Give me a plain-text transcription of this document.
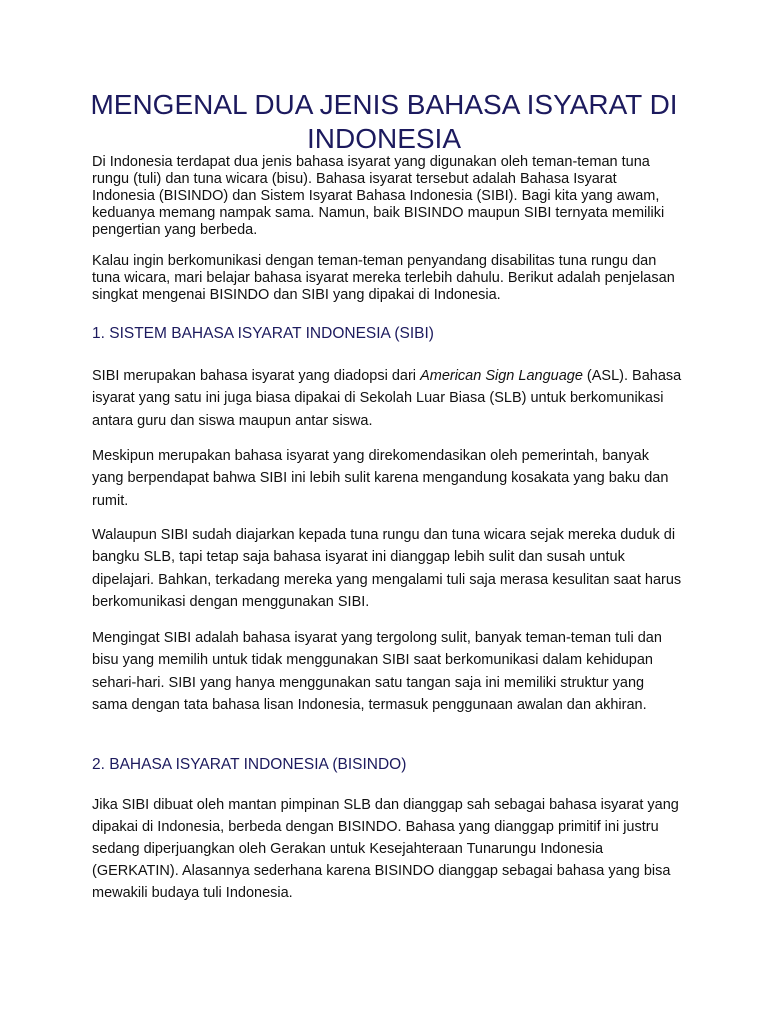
MENGENAL DUA JENIS BAHASA ISYARAT DI INDONESIA

Di Indonesia terdapat dua jenis bahasa isyarat yang digunakan oleh teman-teman tuna rungu (tuli) dan tuna wicara (bisu). Bahasa isyarat tersebut adalah Bahasa Isyarat Indonesia (BISINDO) dan Sistem Isyarat Bahasa Indonesia (SIBI). Bagi kita yang awam, keduanya memang nampak sama. Namun, baik BISINDO maupun SIBI ternyata memiliki pengertian yang berbeda.

Kalau ingin berkomunikasi dengan teman-teman penyandang disabilitas tuna rungu dan tuna wicara, mari belajar bahasa isyarat mereka terlebih dahulu. Berikut adalah penjelasan singkat mengenai BISINDO dan SIBI yang dipakai di Indonesia.

1. SISTEM BAHASA ISYARAT INDONESIA (SIBI)

SIBI merupakan bahasa isyarat yang diadopsi dari American Sign Language (ASL). Bahasa isyarat yang satu ini juga biasa dipakai di Sekolah Luar Biasa (SLB) untuk berkomunikasi antara guru dan siswa maupun antar siswa.

Meskipun merupakan bahasa isyarat yang direkomendasikan oleh pemerintah, banyak yang berpendapat bahwa SIBI ini lebih sulit karena mengandung kosakata yang baku dan rumit.

Walaupun SIBI sudah diajarkan kepada tuna rungu dan tuna wicara sejak mereka duduk di bangku SLB, tapi tetap saja bahasa isyarat ini dianggap lebih sulit dan susah untuk dipelajari. Bahkan, terkadang mereka yang mengalami tuli saja merasa kesulitan saat harus berkomunikasi dengan menggunakan SIBI.

Mengingat SIBI adalah bahasa isyarat yang tergolong sulit, banyak teman-teman tuli dan bisu yang memilih untuk tidak menggunakan SIBI saat berkomunikasi dalam kehidupan sehari-hari. SIBI yang hanya menggunakan satu tangan saja ini memiliki struktur yang sama dengan tata bahasa lisan Indonesia, termasuk penggunaan awalan dan akhiran.

2. BAHASA ISYARAT INDONESIA (BISINDO)

Jika SIBI dibuat oleh mantan pimpinan SLB dan dianggap sah sebagai bahasa isyarat yang dipakai di Indonesia, berbeda dengan BISINDO. Bahasa yang dianggap primitif ini justru sedang diperjuangkan oleh Gerakan untuk Kesejahteraan Tunarungu Indonesia (GERKATIN). Alasannya sederhana karena BISINDO dianggap sebagai bahasa yang bisa mewakili budaya tuli Indonesia.
